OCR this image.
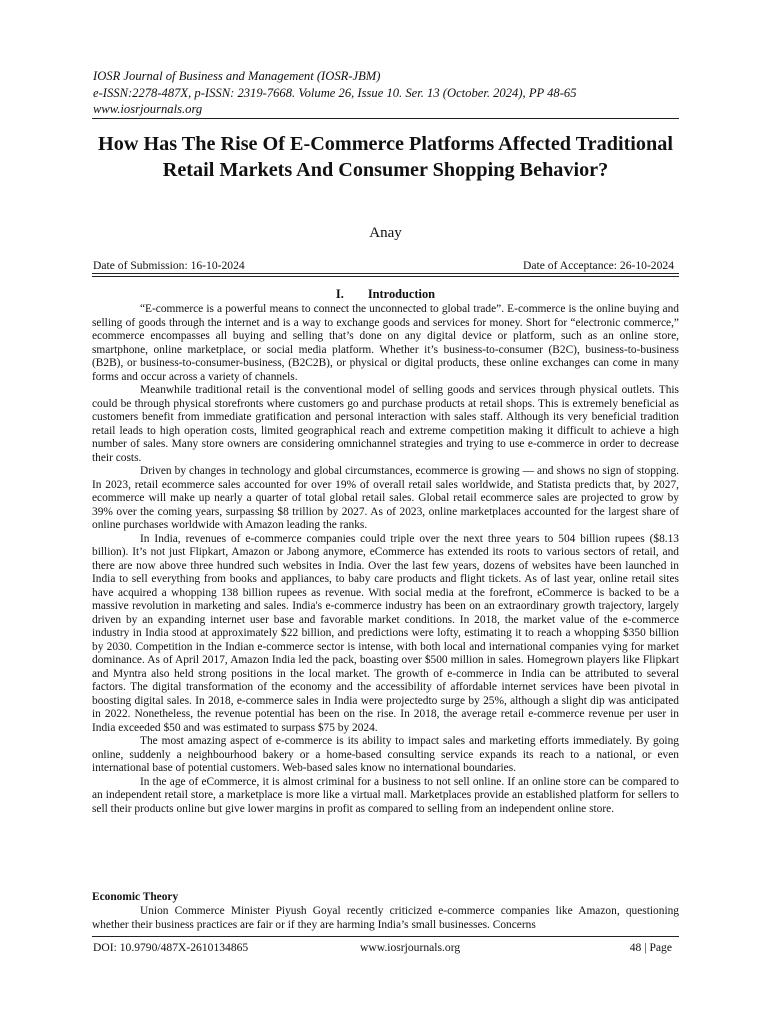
IOSR Journal of Business and Management (IOSR-JBM)
e-ISSN:2278-487X, p-ISSN: 2319-7668. Volume 26, Issue 10. Ser. 13 (October. 2024), PP 48-65
www.iosrjournals.org
How Has The Rise Of E-Commerce Platforms Affected Traditional Retail Markets And Consumer Shopping Behavior?
Anay
Date of Submission: 16-10-2024	Date of Acceptance: 26-10-2024
I. Introduction

“E-commerce is a powerful means to connect the unconnected to global trade”. E-commerce is the online buying and selling of goods through the internet and is a way to exchange goods and services for money. Short for “electronic commerce,” ecommerce encompasses all buying and selling that’s done on any digital device or platform, such as an online store, smartphone, online marketplace, or social media platform. Whether it’s business-to-consumer (B2C), business-to-business (B2B), or business-to-consumer-business, (B2C2B), or physical or digital products, these online exchanges can come in many forms and occur across a variety of channels.

Meanwhile traditional retail is the conventional model of selling goods and services through physical outlets. This could be through physical storefronts where customers go and purchase products at retail shops. This is extremely beneficial as customers benefit from immediate gratification and personal interaction with sales staff. Although its very beneficial tradition retail leads to high operation costs, limited geographical reach and extreme competition making it difficult to achieve a high number of sales. Many store owners are considering omnichannel strategies and trying to use e-commerce in order to decrease their costs.

Driven by changes in technology and global circumstances, ecommerce is growing — and shows no sign of stopping. In 2023, retail ecommerce sales accounted for over 19% of overall retail sales worldwide, and Statista predicts that, by 2027, ecommerce will make up nearly a quarter of total global retail sales. Global retail ecommerce sales are projected to grow by 39% over the coming years, surpassing $8 trillion by 2027. As of 2023, online marketplaces accounted for the largest share of online purchases worldwide with Amazon leading the ranks.

In India, revenues of e-commerce companies could triple over the next three years to 504 billion rupees ($8.13 billion). It’s not just Flipkart, Amazon or Jabong anymore, eCommerce has extended its roots to various sectors of retail, and there are now above three hundred such websites in India. Over the last few years, dozens of websites have been launched in India to sell everything from books and appliances, to baby care products and flight tickets. As of last year, online retail sites have acquired a whopping 138 billion rupees as revenue. With social media at the forefront, eCommerce is backed to be a massive revolution in marketing and sales. India's e-commerce industry has been on an extraordinary growth trajectory, largely driven by an expanding internet user base and favorable market conditions. In 2018, the market value of the e-commerce industry in India stood at approximately $22 billion, and predictions were lofty, estimating it to reach a whopping $350 billion by 2030. Competition in the Indian e-commerce sector is intense, with both local and international companies vying for market dominance. As of April 2017, Amazon India led the pack, boasting over $500 million in sales. Homegrown players like Flipkart and Myntra also held strong positions in the local market. The growth of e-commerce in India can be attributed to several factors. The digital transformation of the economy and the accessibility of affordable internet services have been pivotal in boosting digital sales. In 2018, e-commerce sales in India were projectedto surge by 25%, although a slight dip was anticipated in 2022. Nonetheless, the revenue potential has been on the rise. In 2018, the average retail e-commerce revenue per user in India exceeded $50 and was estimated to surpass $75 by 2024.

The most amazing aspect of e-commerce is its ability to impact sales and marketing efforts immediately. By going online, suddenly a neighbourhood bakery or a home-based consulting service expands its reach to a national, or even international base of potential customers. Web-based sales know no international boundaries.

In the age of eCommerce, it is almost criminal for a business to not sell online. If an online store can be compared to an independent retail store, a marketplace is more like a virtual mall. Marketplaces provide an established platform for sellers to sell their products online but give lower margins in profit as compared to selling from an independent online store.

Economic Theory

Union Commerce Minister Piyush Goyal recently criticized e-commerce companies like Amazon, questioning whether their business practices are fair or if they are harming India’s small businesses. Concerns

DOI: 10.9790/487X-2610134865	www.iosrjournals.org	48 | Page
